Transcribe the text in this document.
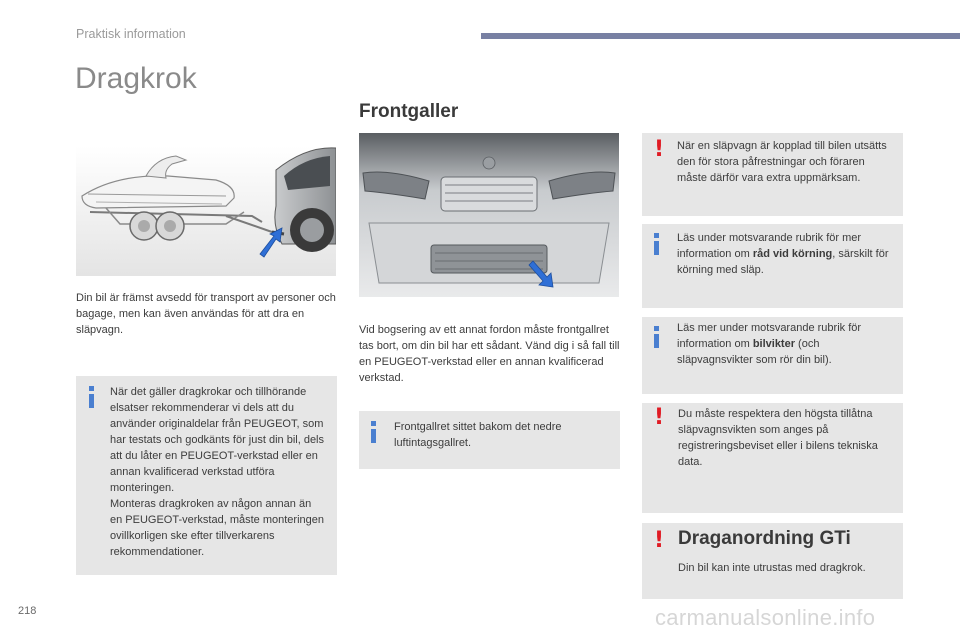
Praktisk information
Dragkrok
Din bil är främst avsedd för transport av personer och bagage, men kan även användas för att dra en släpvagn.
När det gäller dragkrokar och tillhörande elsatser rekommenderar vi dels att du använder originaldelar från PEUGEOT, som har testats och godkänts för just din bil, dels att du låter en PEUGEOT-verkstad eller en annan kvalificerad verkstad utföra monteringen.
Monteras dragkroken av någon annan än en PEUGEOT-verkstad, måste monteringen ovillkorligen ske efter tillverkarens rekommendationer.
Frontgaller
Vid bogsering av ett annat fordon måste frontgallret tas bort, om din bil har ett sådant. Vänd dig i så fall till en PEUGEOT-verkstad eller en annan kvalificerad verkstad.
Frontgallret sittet bakom det nedre luftintagsgallret.
! När en släpvagn är kopplad till bilen utsätts den för stora påfrestningar och föraren måste därför vara extra uppmärksam.
Läs under motsvarande rubrik för mer information om råd vid körning, särskilt för körning med släp.
Läs mer under motsvarande rubrik för information om bilvikter (och släpvagnsvikter som rör din bil).
! Du måste respektera den högsta tillåtna släpvagnsvikten som anges på registreringsbeviset eller i bilens tekniska data.
! Draganordning GTi
Din bil kan inte utrustas med dragkrok.
218	carmanualsonline.info
